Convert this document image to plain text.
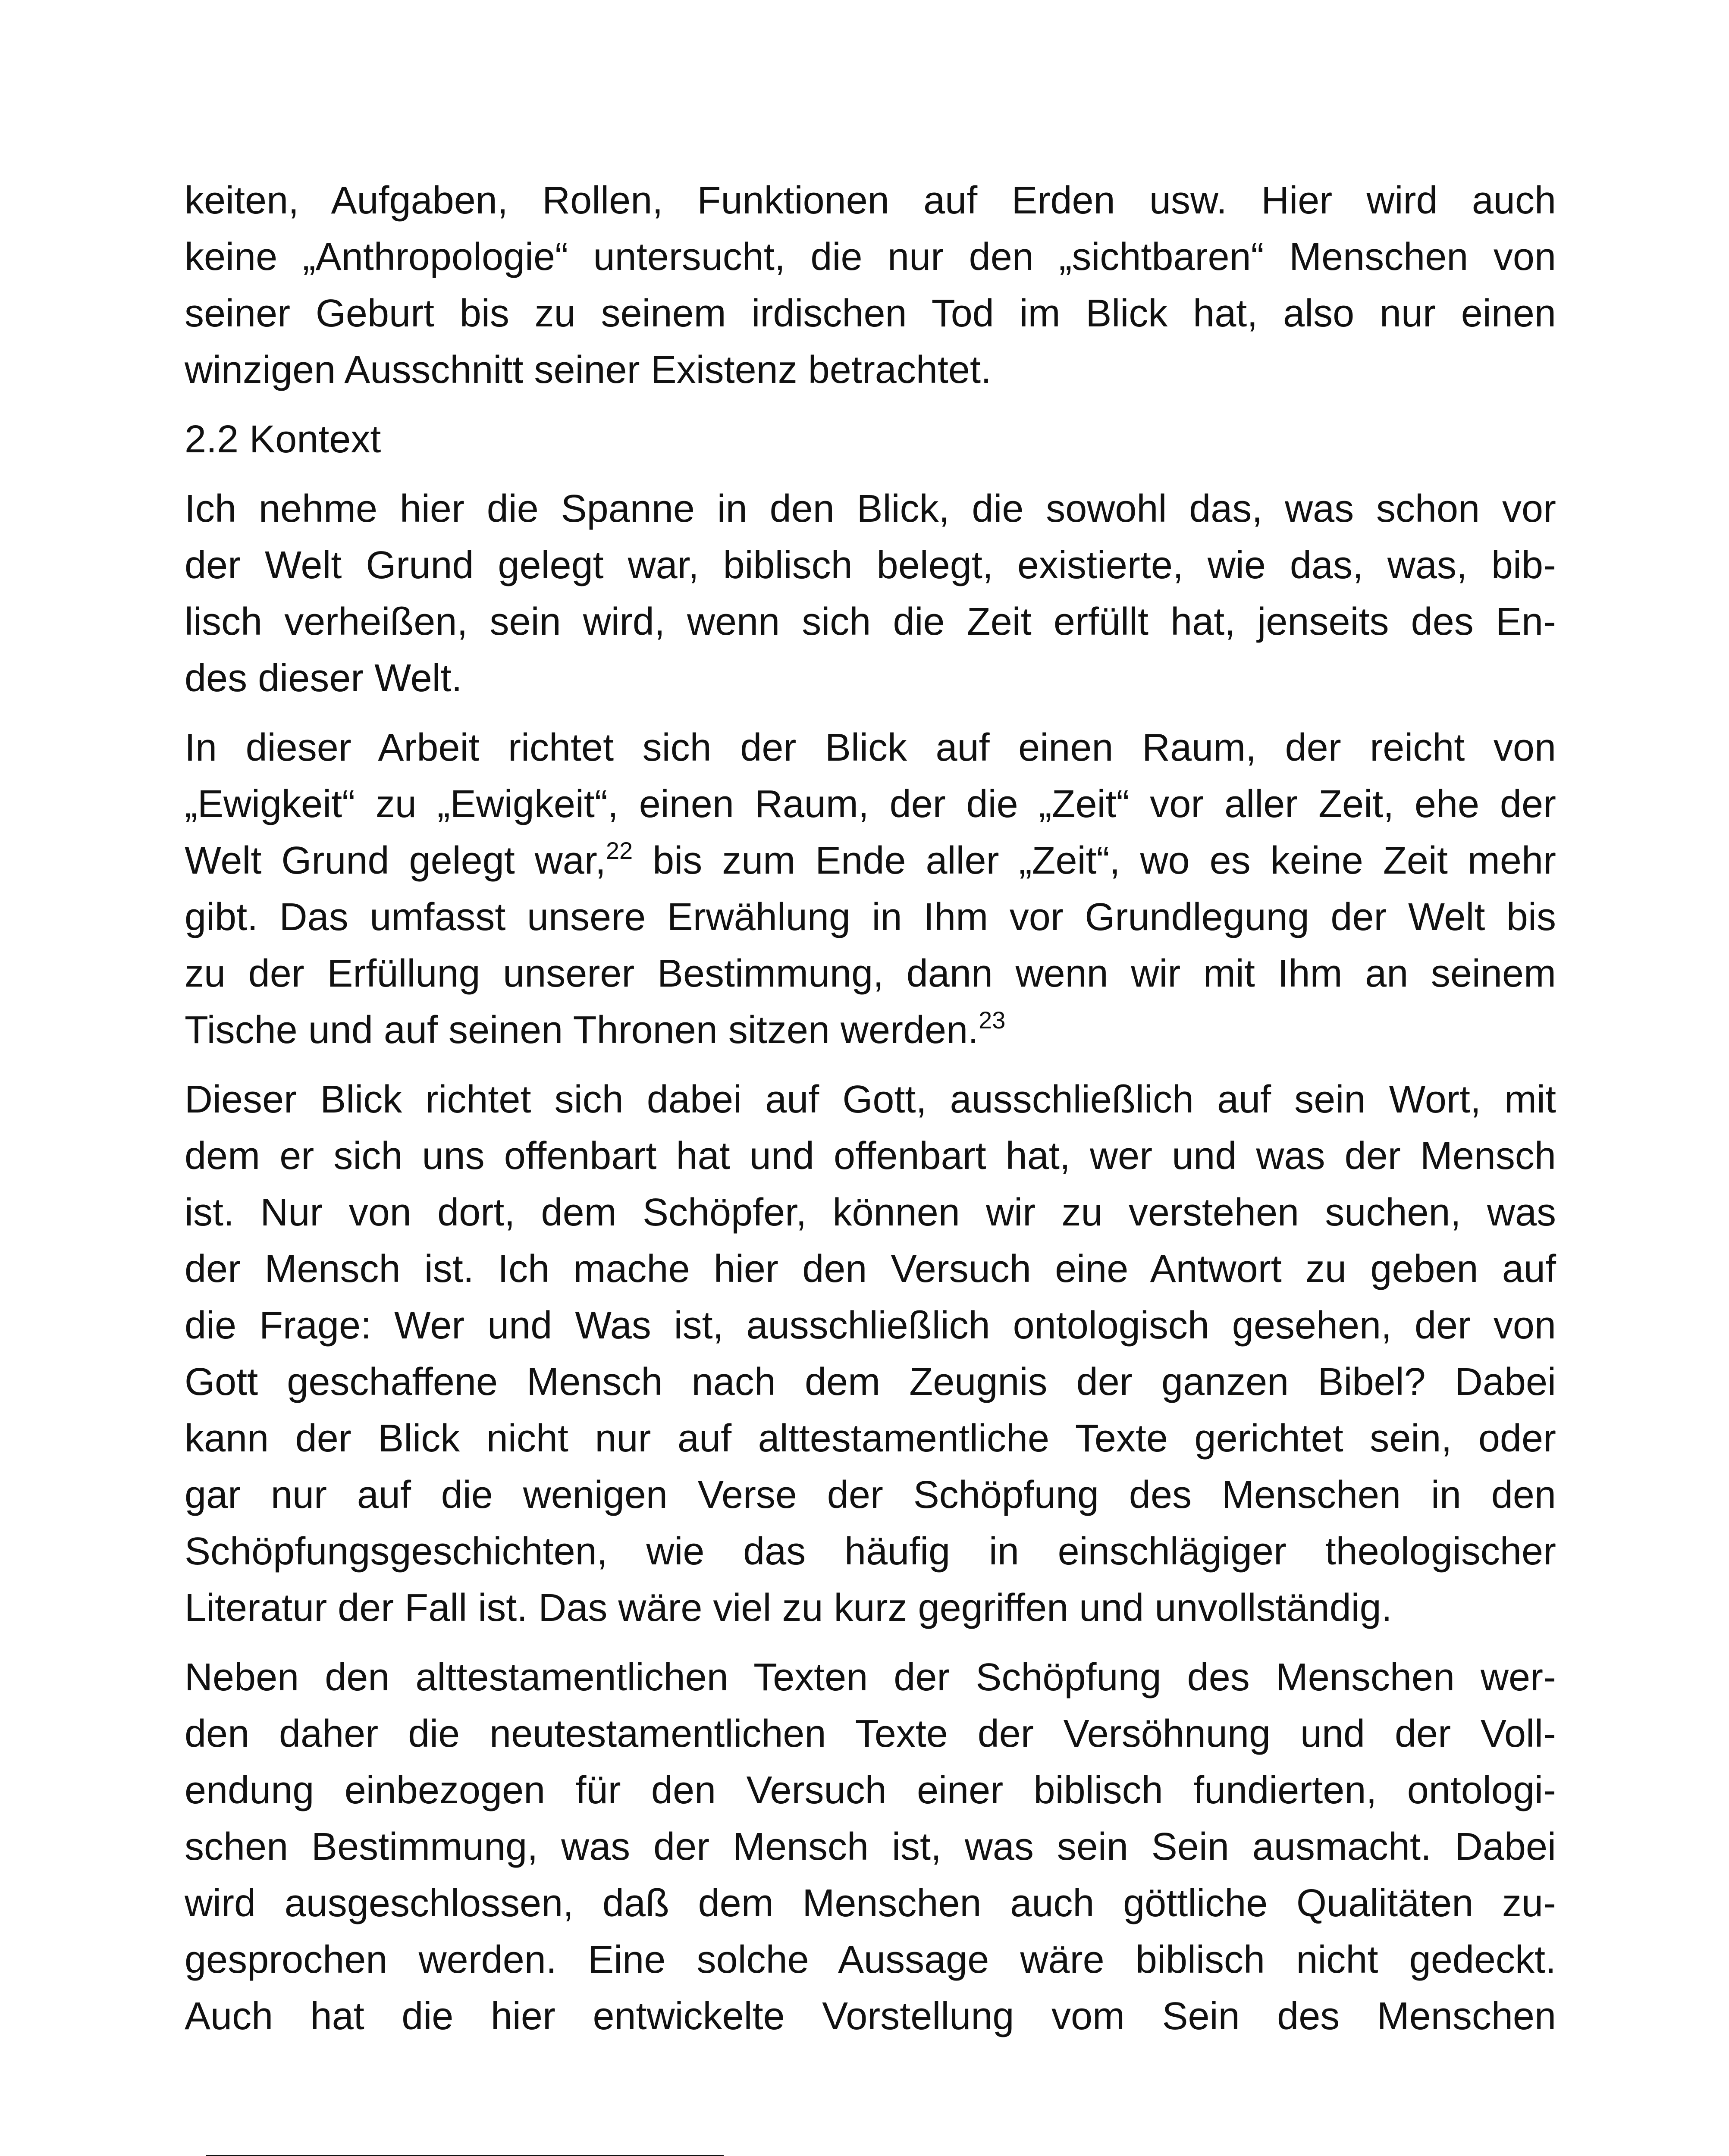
keiten, Aufgaben, Rollen, Funktionen auf Erden usw. Hier wird auch
keine „Anthropologie“ untersucht, die nur den „sichtbaren“ Menschen von
seiner Geburt bis zu seinem irdischen Tod im Blick hat, also nur einen
winzigen Ausschnitt seiner Existenz betrachtet.
2.2 Kontext
Ich nehme hier die Spanne in den Blick, die sowohl das, was schon vor
der Welt Grund gelegt war, biblisch belegt, existierte, wie das, was, bib-
lisch verheißen, sein wird, wenn sich die Zeit erfüllt hat, jenseits des En-
des dieser Welt.
In dieser Arbeit richtet sich der Blick auf einen Raum, der reicht von
„Ewigkeit“ zu „Ewigkeit“, einen Raum, der die „Zeit“ vor aller Zeit, ehe der
Welt Grund gelegt war,$^{22}$ bis zum Ende aller „Zeit“, wo es keine Zeit mehr
gibt. Das umfasst unsere Erwählung in Ihm vor Grundlegung der Welt bis
zu der Erfüllung unserer Bestimmung, dann wenn wir mit Ihm an seinem
Tische und auf seinen Thronen sitzen werden.$^{23}$
Dieser Blick richtet sich dabei auf Gott, ausschließlich auf sein Wort, mit
dem er sich uns offenbart hat und offenbart hat, wer und was der Mensch
ist. Nur von dort, dem Schöpfer, können wir zu verstehen suchen, was
der Mensch ist. Ich mache hier den Versuch eine Antwort zu geben auf
die Frage: Wer und Was ist, ausschließlich ontologisch gesehen, der von
Gott geschaffene Mensch nach dem Zeugnis der ganzen Bibel? Dabei
kann der Blick nicht nur auf alttestamentliche Texte gerichtet sein, oder
gar nur auf die wenigen Verse der Schöpfung des Menschen in den
Schöpfungsgeschichten, wie das häufig in einschlägiger theologischer
Literatur der Fall ist. Das wäre viel zu kurz gegriffen und unvollständig.
Neben den alttestamentlichen Texten der Schöpfung des Menschen wer-
den daher die neutestamentlichen Texte der Versöhnung und der Voll-
endung einbezogen für den Versuch einer biblisch fundierten, ontologi-
schen Bestimmung, was der Mensch ist, was sein Sein ausmacht. Dabei
wird ausgeschlossen, daß dem Menschen auch göttliche Qualitäten zu-
gesprochen werden. Eine solche Aussage wäre biblisch nicht gedeckt.
Auch hat die hier entwickelte Vorstellung vom Sein des Menschen
